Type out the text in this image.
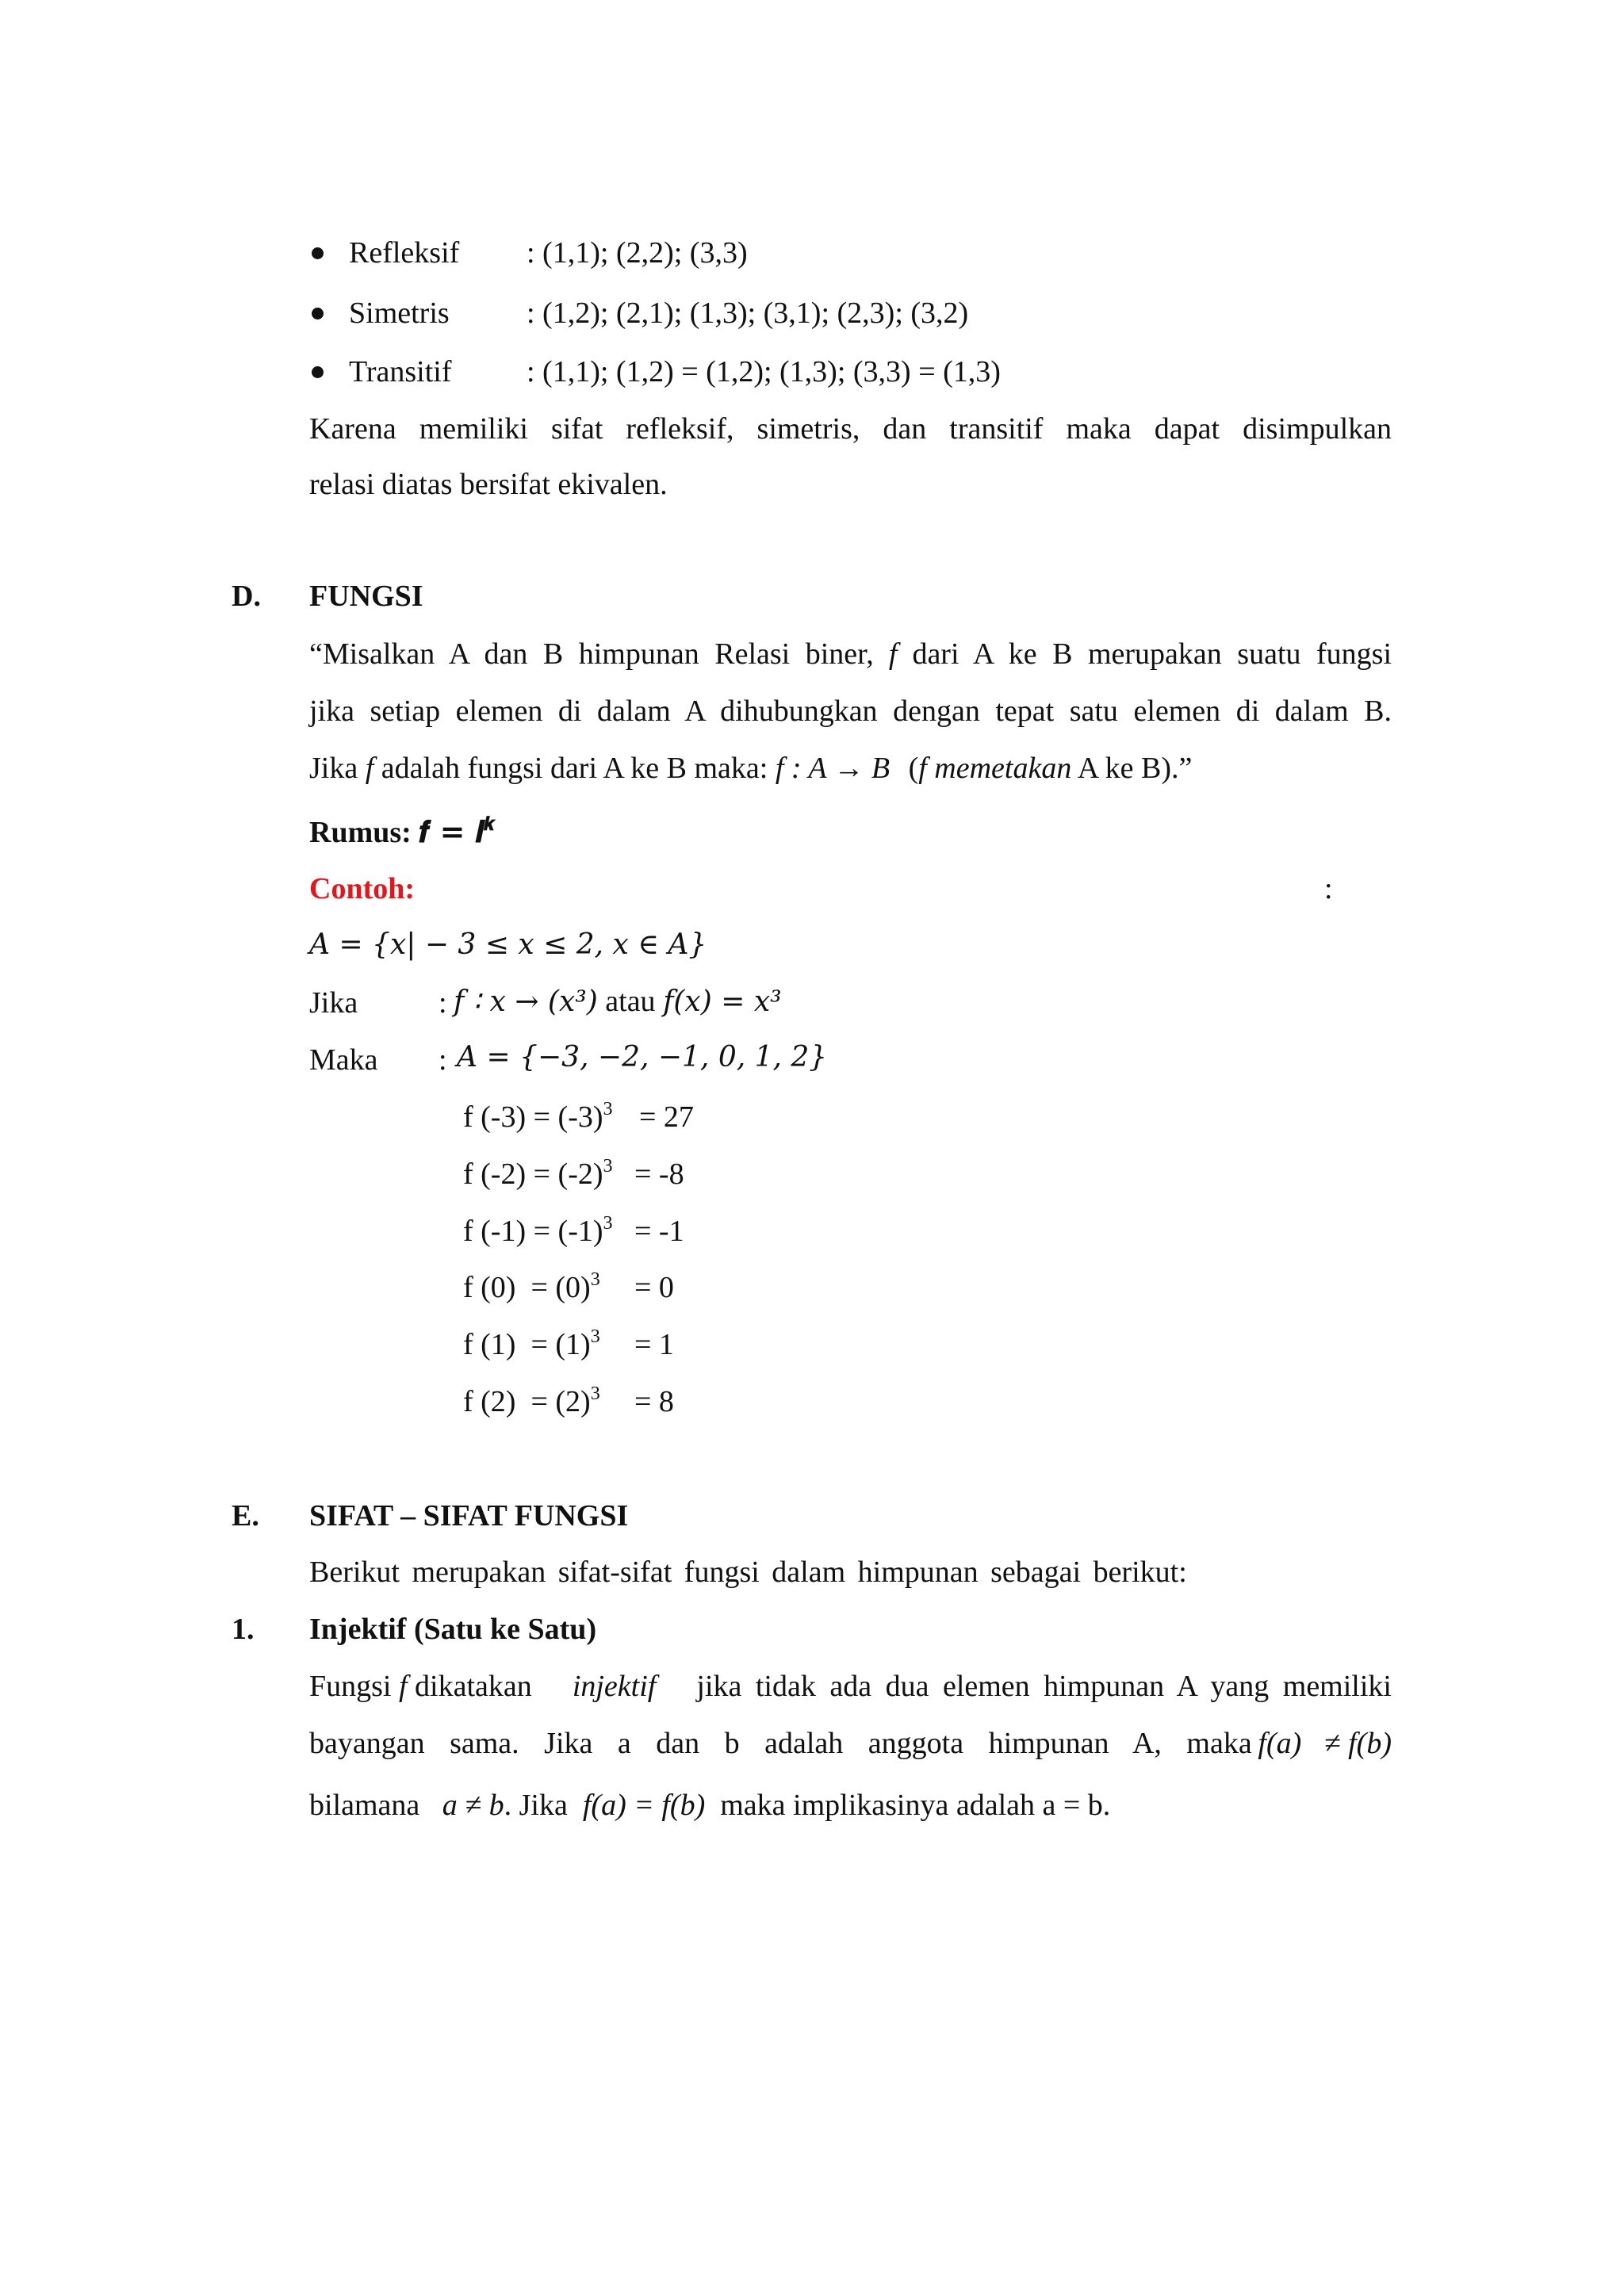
Refleksif : (1,1); (2,2); (3,3)
Simetris	: (1,2); (2,1); (1,3); (3,1); (2,3); (3,2)
Transitif : (1,1); (1,2) = (1,2); (1,3); (3,3) = (1,3)
Karena memiliki sifat refleksif, simetris, dan transitif maka dapat disimpulkan
relasi diatas bersifat ekivalen.
D. FUNGSI
“Misalkan A dan B himpunan Relasi biner, f dari A ke B merupakan suatu fungsi
jika setiap elemen di dalam A dihubungkan dengan tepat satu elemen di dalam B.
Jika f adalah fungsi dari A ke B maka: f : A → B (f memetakan A ke B).”
Rumus: 𝒇 = 𝒍$^𝒌$
Contoh:	:
𝐴 = {𝑥| − 3 ≤ 𝑥 ≤ 2, 𝑥 ∈ 𝐴}
Jika	: 𝑓 ∶ 𝑥 → (𝑥³) atau 𝑓(𝑥) = 𝑥³
Maka : 𝐴 = {−3, −2, −1, 0, 1, 2}
f $(-3) = (-3)^3 = 27$
f $(-2) = (-2)^3 = -8$
f $(-1) = (-1)^3 = -1$
f $(0) = (0)^3 = 0$
f $(1) = (1)^3 = 1$
f $(2) = (2)^3 = 8$
E. SIFAT – SIFAT FUNGSI
Berikut merupakan sifat-sifat fungsi dalam himpunan sebagai berikut:
1. Injektif (Satu ke Satu)
Fungsi f dikatakan injektif jika tidak ada dua elemen himpunan A yang memiliki
bayangan sama. Jika a dan b adalah anggota himpunan A, maka f(a) ≠ f(b)
bilamana a ≠ b. Jika f(a) = f(b) maka implikasinya adalah a = b.
